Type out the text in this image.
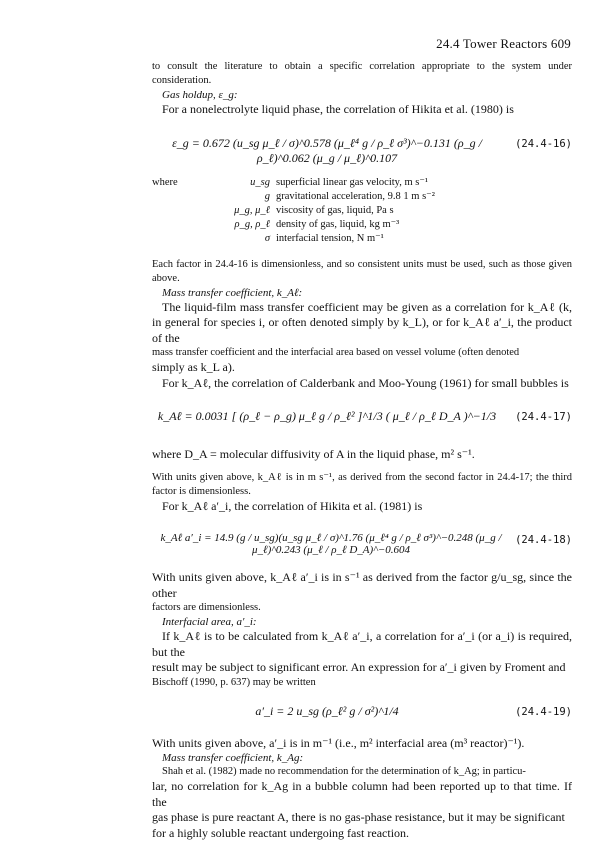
24.4 Tower Reactors 609

to consult the literature to obtain a specific correlation appropriate to the system under consideration.

Gas holdup, ε_g:

For a nonelectrolyte liquid phase, the correlation of Hikita et al. (1980) is

ε_g = 0.672 (u_sg μ_ℓ / σ)^0.578 (μ_ℓ⁴ g / ρ_ℓ σ³)^−0.131 (ρ_g / ρ_ℓ)^0.062 (μ_g / μ_ℓ)^0.107
(24.4-16)
where	u_sg superficial linear gas velocity, m s⁻¹
g gravitational acceleration, 9.8 1 m s⁻²
μ_g, μ_ℓ viscosity of gas, liquid, Pa s
ρ_g, ρ_ℓ density of gas, liquid, kg m⁻³
σ interfacial tension, N m⁻¹

Each factor in 24.4-16 is dimensionless, and so consistent units must be used, such as those given above.

Mass transfer coefficient, k_Aℓ:

The liquid-film mass transfer coefficient may be given as a correlation for k_Aℓ (k, in general for species i, or often denoted simply by k_L), or for k_Aℓ a′_i, the product of the

mass transfer coefficient and the interfacial area based on vessel volume (often denoted

simply as k_L a).

For k_Aℓ, the correlation of Calderbank and Moo-Young (1961) for small bubbles is

k_Aℓ = 0.0031 [ (ρ_ℓ − ρ_g) μ_ℓ g / ρ_ℓ² ]^1/3 ( μ_ℓ / ρ_ℓ D_A )^−1/3	(24.4-17)

where D_A = molecular diffusivity of A in the liquid phase, m² s⁻¹.

With units given above, k_Aℓ is in m s⁻¹, as derived from the second factor in 24.4-17; the third factor is dimensionless.

For k_Aℓ a′_i, the correlation of Hikita et al. (1981) is

k_Aℓ a′_i = 14.9 (g / u_sg)(u_sg μ_ℓ / σ)^1.76 (μ_ℓ⁴ g / ρ_ℓ σ³)^−0.248 (μ_g / μ_ℓ)^0.243 (μ_ℓ / ρ_ℓ D_A)^−0.604
(24.4-18)

With units given above, k_Aℓ a′_i is in s⁻¹ as derived from the factor g/u_sg, since the other

factors are dimensionless.

Interfacial area, a′_i:

If k_Aℓ is to be calculated from k_Aℓ a′_i, a correlation for a′_i (or a_i) is required, but the

result may be subject to significant error. An expression for a′_i given by Froment and

Bischoff (1990, p. 637) may be written

a′_i = 2 u_sg (ρ_ℓ² g / σ²)^1/4	(24.4-19)

With units given above, a′_i is in m⁻¹ (i.e., m² interfacial area (m³ reactor)⁻¹).

Mass transfer coefficient, k_Ag:

Shah et al. (1982) made no recommendation for the determination of k_Ag; in particu-

lar, no correlation for k_Ag in a bubble column had been reported up to that time. If the

gas phase is pure reactant A, there is no gas-phase resistance, but it may be significant

for a highly soluble reactant undergoing fast reaction.
